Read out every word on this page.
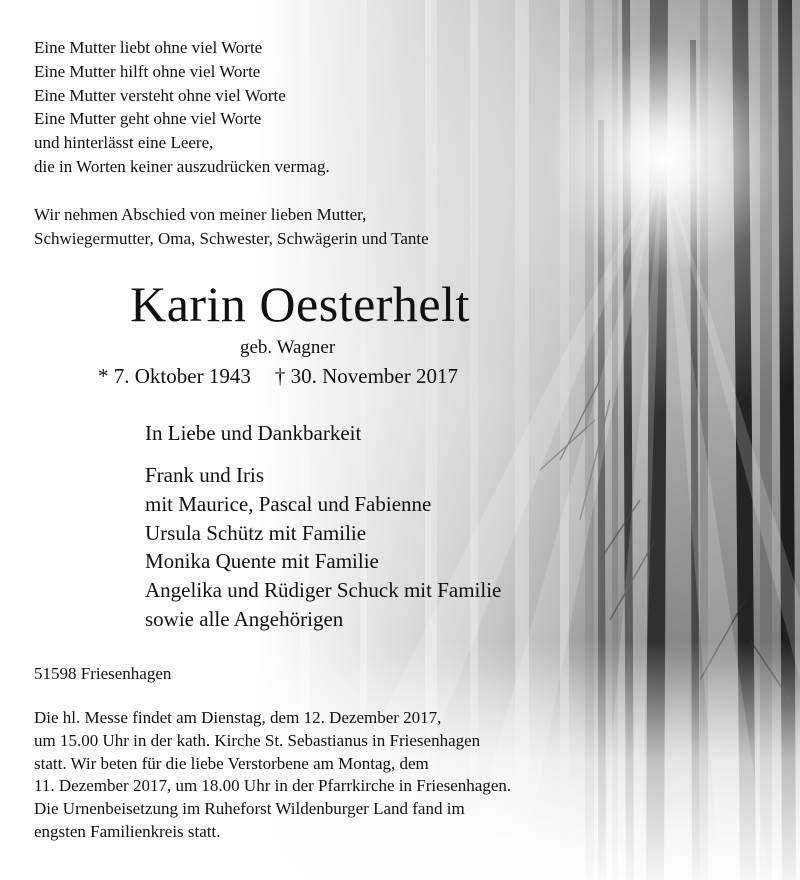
Eine Mutter liebt ohne viel Worte
Eine Mutter hilft ohne viel Worte
Eine Mutter versteht ohne viel Worte
Eine Mutter geht ohne viel Worte
und hinterlässt eine Leere,
die in Worten keiner auszudrücken vermag.
Wir nehmen Abschied von meiner lieben Mutter,
Schwiegermutter, Oma, Schwester, Schwägerin und Tante
Karin Oesterhelt
geb. Wagner
* 7. Oktober 1943 † 30. November 2017
In Liebe und Dankbarkeit
Frank und Iris
mit Maurice, Pascal und Fabienne
Ursula Schütz mit Familie
Monika Quente mit Familie
Angelika und Rüdiger Schuck mit Familie
sowie alle Angehörigen
51598 Friesenhagen
Die hl. Messe findet am Dienstag, dem 12. Dezember 2017,
um 15.00 Uhr in der kath. Kirche St. Sebastianus in Friesenhagen
statt. Wir beten für die liebe Verstorbene am Montag, dem
11. Dezember 2017, um 18.00 Uhr in der Pfarrkirche in Friesenhagen.
Die Urnenbeisetzung im Ruheforst Wildenburger Land fand im
engsten Familienkreis statt.
